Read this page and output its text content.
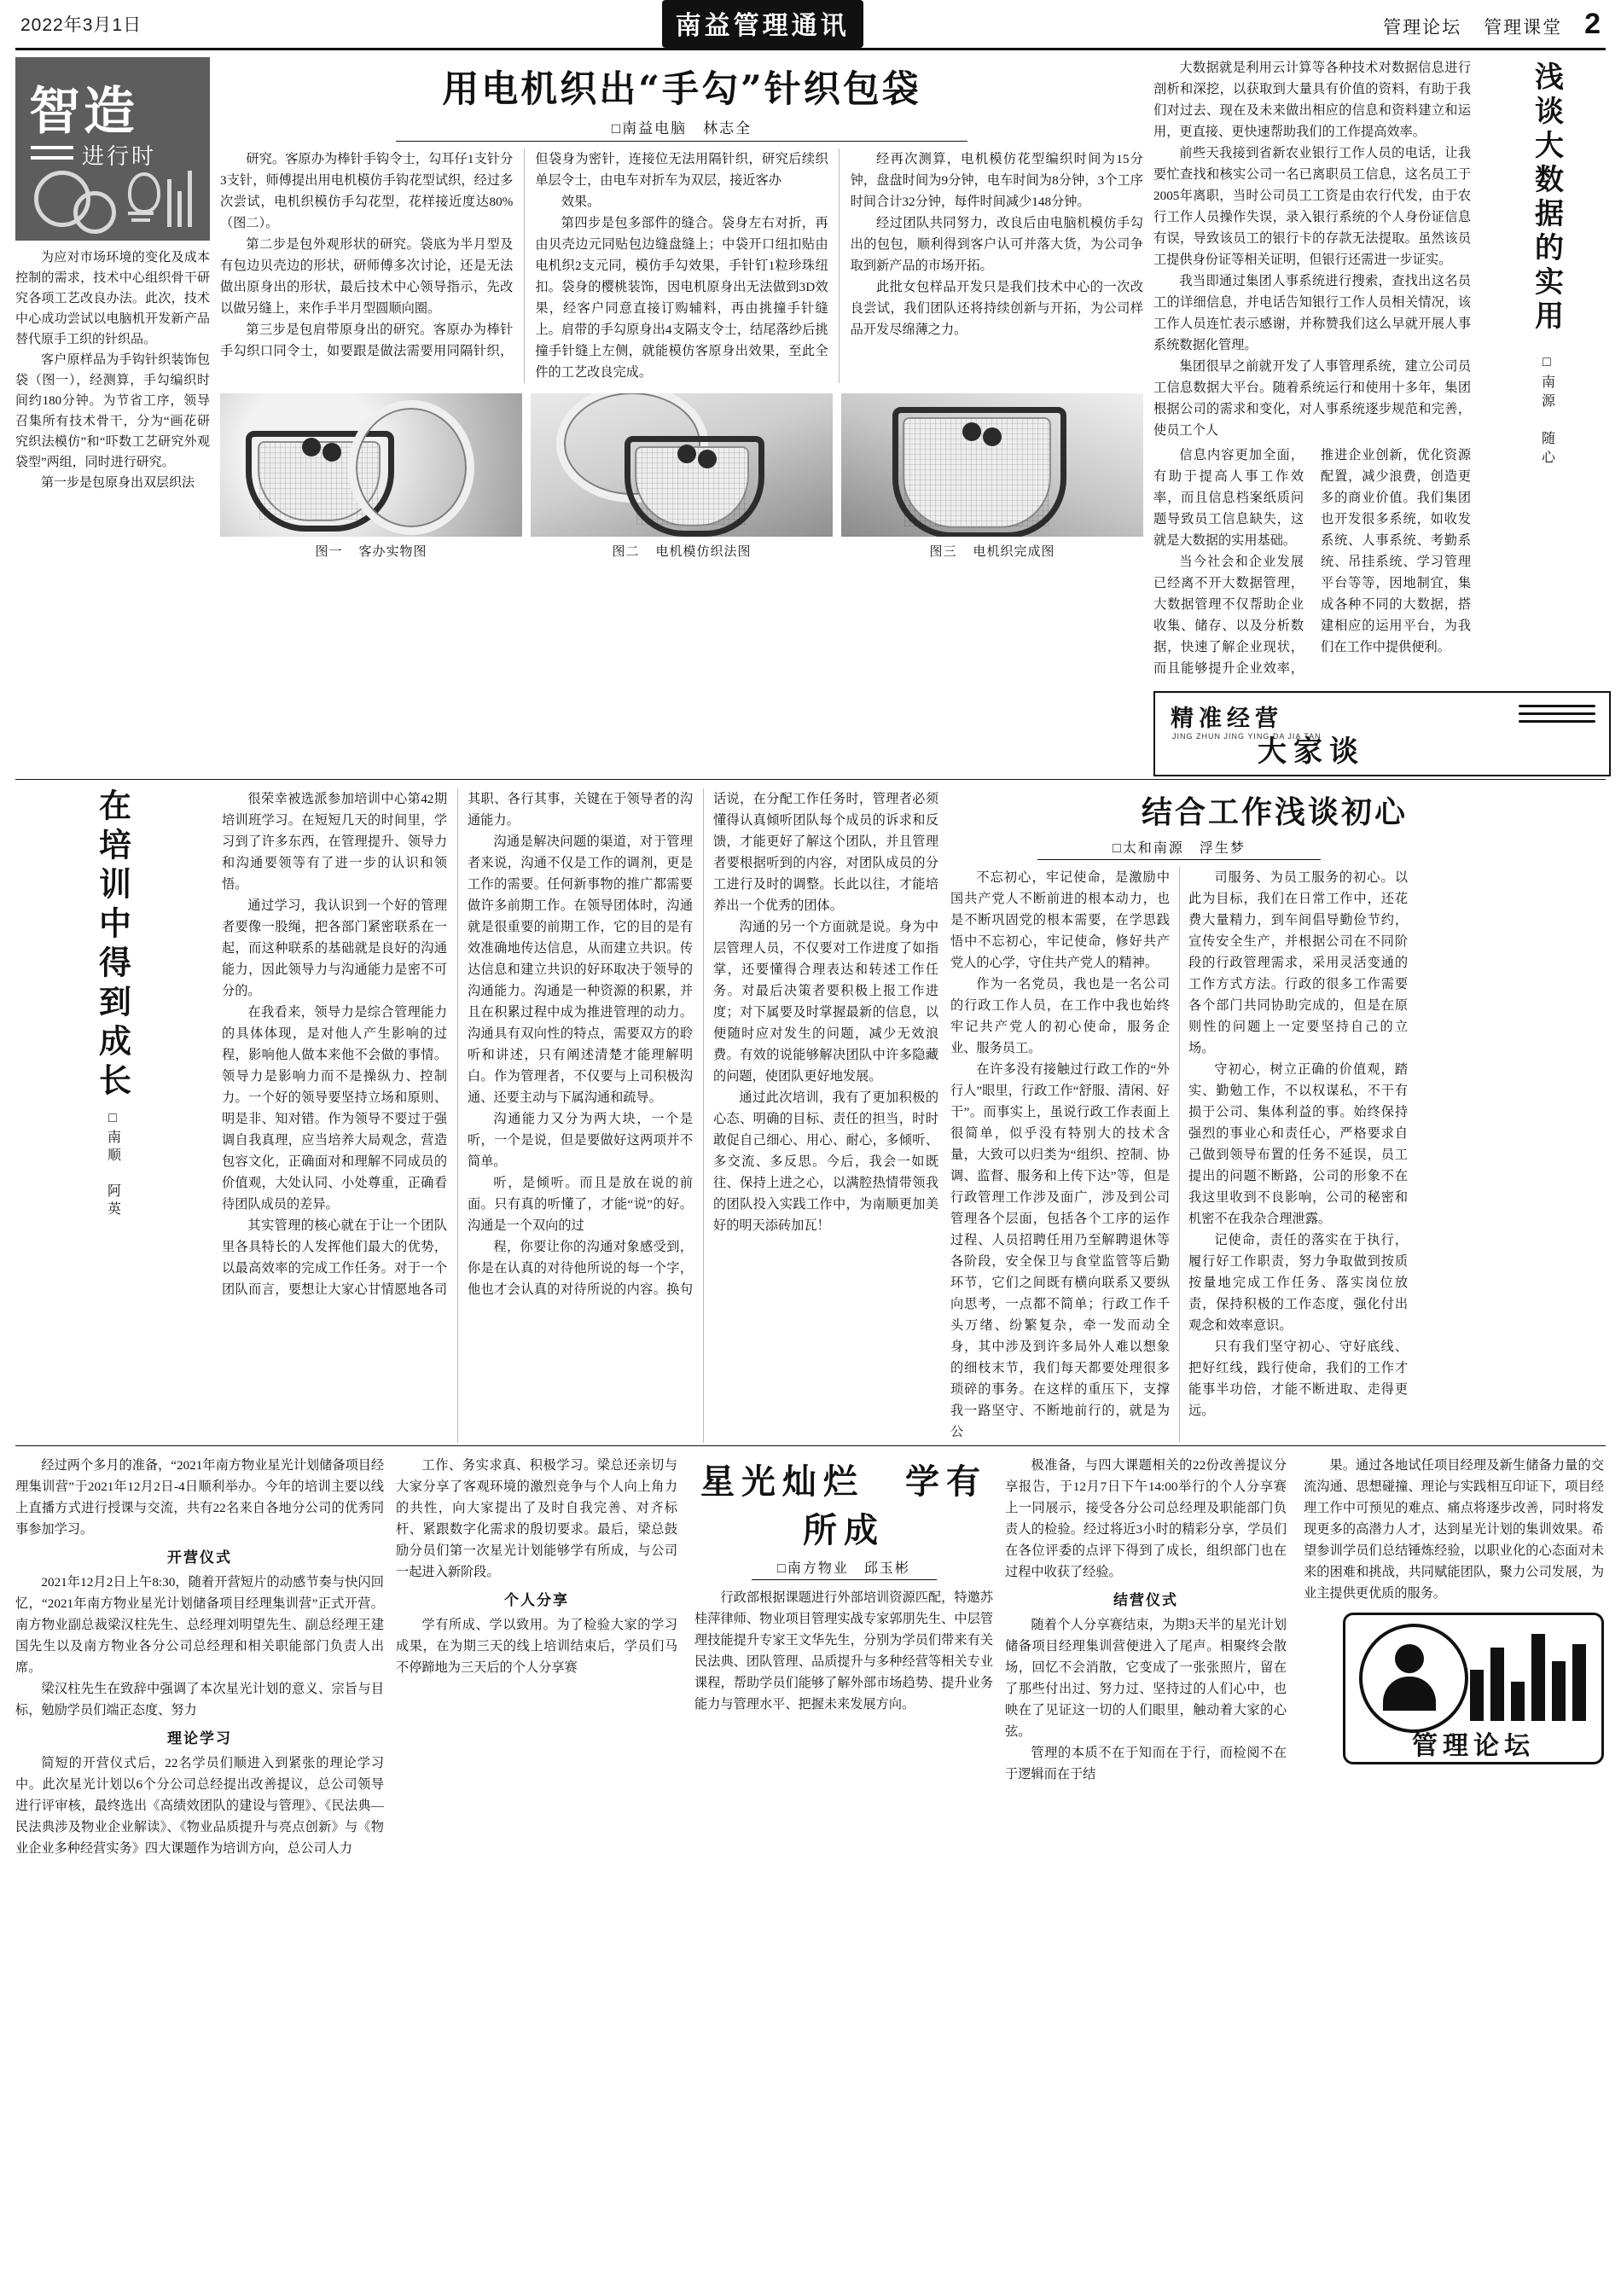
2022年3月1日	南益管理通讯	管理论坛 管理课堂 2
智造
进行时

为应对市场环境的变化及成本控制的需求，技术中心组织骨干研究各项工艺改良办法。此次，技术中心成功尝试以电脑机开发新产品替代原手工织的针织品。

客户原样品为手钩针织装饰包袋（图一），经测算，手勾编织时间约180分钟。为节省工序，领导召集所有技术骨干，分为“画花研究织法模仿”和“吓数工艺研究外观袋型”两组，同时进行研究。

第一步是包原身出双层织法

用电机织出“手勾”针织包袋
□南益电脑　林志全

研究。客原办为棒针手钩令士，勾耳仔1支针分3支针，师傅提出用电机模仿手钩花型试织，经过多次尝试，电机织模仿手勾花型，花样接近度达80%（图二）。

第二步是包外观形状的研究。袋底为半月型及有包边贝壳边的形状，研师傅多次讨论，还是无法做出原身出的形状，最后技术中心领导指示，先改以做另缝上，来作手半月型圆顺向圈。

第三步是包肩带原身出的研究。客原办为棒针手勾织口同令士，如要跟是做法需要用同隔针织，但袋身为密针，连接位无法用隔针织，研究后续织单层令士，由电车对折车为双层，接近客办

效果。

第四步是包多部件的缝合。袋身左右对折，再由贝壳边元同贴包边缝盘缝上；中袋开口纽扣贴由电机织2支元同，模仿手勾效果，手针钉1粒珍珠纽扣。袋身的樱桃装饰，因电机原身出无法做到3D效果，经客户同意直接订购辅料，再由挑撞手针缝上。肩带的手勾原身出4支隔支令士，结尾落纱后挑撞手针缝上左侧，就能模仿客原身出效果，至此全件的工艺改良完成。

经再次测算，电机模仿花型编织时间为15分钟，盘盘时间为9分钟，电车时间为8分钟，3个工序时间合计32分钟，每件时间减少148分钟。

经过团队共同努力，改良后由电脑机模仿手勾出的包包，顺利得到客户认可并落大货，为公司争取到新产品的市场开拓。

此批女包样品开发只是我们技术中心的一次改良尝试，我们团队还将持续创新与开拓，为公司样品开发尽绵薄之力。

图一 客办实物图	图二 电机模仿织法图	图三 电机织完成图
浅谈大数据的实用
□南源　随心

大数据就是利用云计算等各种技术对数据信息进行剖析和深挖，以获取到大量具有价值的资料，有助于我们对过去、现在及未来做出相应的信息和资料建立和运用，更直接、更快速帮助我们的工作提高效率。

前些天我接到省新农业银行工作人员的电话，让我要忙查找和核实公司一名已离职员工信息，这名员工于2005年离职，当时公司员工工资是由农行代发，由于农行工作人员操作失误，录入银行系统的个人身份证信息有误，导致该员工的银行卡的存款无法提取。虽然该员工提供身份证等相关证明，但银行还需进一步证实。

我当即通过集团人事系统进行搜索，查找出这名员工的详细信息，并电话告知银行工作人员相关情况，该工作人员连忙表示感谢，并称赞我们这么早就开展人事系统数据化管理。

集团很早之前就开发了人事管理系统，建立公司员工信息数据大平台。随着系统运行和使用十多年，集团根据公司的需求和变化，对人事系统逐步规范和完善，使员工个人

信息内容更加全面，有助于提高人事工作效率，而且信息档案纸质问题导致员工信息缺失，这就是大数据的实用基础。

当今社会和企业发展已经离不开大数据管理，大数据管理不仅帮助企业收集、储存、以及分析数据，快速了解企业现状，而且能够提升企业效率，推进企业创新，优化资源配置，减少浪费，创造更多的商业价值。我们集团也开发很多系统，如收发系统、人事系统、考勤系统、吊挂系统、学习管理平台等等，因地制宜，集成各种不同的大数据，搭建相应的运用平台，为我们在工作中提供便利。

精准经营
JING ZHUN JING YING DA JIA TAN
大家谈
在培训中得到成长
□南顺　阿英

很荣幸被选派参加培训中心第42期培训班学习。在短短几天的时间里，学习到了许多东西，在管理提升、领导力和沟通要领等有了进一步的认识和领悟。

通过学习，我认识到一个好的管理者要像一股绳，把各部门紧密联系在一起，而这种联系的基础就是良好的沟通能力，因此领导力与沟通能力是密不可分的。

在我看来，领导力是综合管理能力的具体体现，是对他人产生影响的过程，影响他人做本来他不会做的事情。领导力是影响力而不是操纵力、控制力。一个好的领导要坚持立场和原则、明是非、知对错。作为领导不要过于强调自我真理，应当培养大局观念，营造包容文化，正确面对和理解不同成员的价值观，大处认同、小处尊重，正确看待团队成员的差异。

其实管理的核心就在于让一个团队里各具特长的人发挥他们最大的优势，以最高效率的完成工作任务。对于一个团队而言，要想让大家心甘情愿地各司其职、各行其事，关键在于领导者的沟通能力。

沟通是解决问题的渠道，对于管理者来说，沟通不仅是工作的调剂，更是工作的需要。任何新事物的推广都需要做许多前期工作。在领导团体时，沟通就是很重要的前期工作，它的目的是有效准确地传达信息，从而建立共识。传达信息和建立共识的好环取决于领导的沟通能力。沟通是一种资源的积累，并且在积累过程中成为推进管理的动力。沟通具有双向性的特点，需要双方的聆听和讲述，只有阐述清楚才能理解明白。作为管理者，不仅要与上司积极沟通、还要主动与下属沟通和疏导。

沟通能力又分为两大块，一个是听，一个是说，但是要做好这两项并不简单。

听，是倾听。而且是放在说的前面。只有真的听懂了，才能“说”的好。沟通是一个双向的过

程，你要让你的沟通对象感受到，你是在认真的对待他所说的每一个字，他也才会认真的对待所说的内容。换句话说，在分配工作任务时，管理者必须懂得认真倾听团队每个成员的诉求和反馈，才能更好了解这个团队，并且管理者要根据听到的内容，对团队成员的分工进行及时的调整。长此以往，才能培养出一个优秀的团体。

沟通的另一个方面就是说。身为中层管理人员，不仅要对工作进度了如指掌，还要懂得合理表达和转述工作任务。对最后决策者要积极上报工作进度；对下属要及时掌握最新的信息，以便随时应对发生的问题，减少无效浪费。有效的说能够解决团队中许多隐藏的问题，使团队更好地发展。

通过此次培训，我有了更加积极的心态、明确的目标、责任的担当，时时敢促自己细心、用心、耐心，多倾听、多交流、多反思。今后，我会一如既往、保持上进之心，以满腔热情带领我的团队投入实践工作中，为南顺更加美好的明天添砖加瓦！

结合工作浅谈初心
□太和南源　浮生梦

不忘初心，牢记使命，是激励中国共产党人不断前进的根本动力，也是不断巩固党的根本需要，在学思践悟中不忘初心，牢记使命，修好共产党人的心学，守住共产党人的精神。

作为一名党员，我也是一名公司的行政工作人员，在工作中我也始终牢记共产党人的初心使命，服务企业、服务员工。

在许多没有接触过行政工作的“外行人”眼里，行政工作“舒服、清闲、好干”。而事实上，虽说行政工作表面上很简单，似乎没有特别大的技术含量，大致可以归类为“组织、控制、协调、监督、服务和上传下达”等，但是行政管理工作涉及面广，涉及到公司管理各个层面，包括各个工序的运作过程、人员招聘任用乃至解聘退休等各阶段，安全保卫与食堂监管等后勤环节，它们之间既有横向联系又要纵向思考，一点都不简单；行政工作千头万绪、纷繁复杂，牵一发而动全身，其中涉及到许多局外人难以想象的细枝末节，我们每天都要处理很多琐碎的事务。在这样的重压下，支撑我一路坚守、不断地前行的，就是为公

司服务、为员工服务的初心。以此为目标，我们在日常工作中，还花费大量精力，到车间倡导勤俭节约，宣传安全生产，并根据公司在不同阶段的行政管理需求，采用灵活变通的工作方式方法。行政的很多工作需要各个部门共同协助完成的，但是在原则性的问题上一定要坚持自己的立场。

守初心，树立正确的价值观，踏实、勤勉工作，不以权谋私，不干有损于公司、集体利益的事。始终保持强烈的事业心和责任心，严格要求自己做到领导布置的任务不延误，员工提出的问题不断路，公司的形象不在我这里收到不良影响，公司的秘密和机密不在我杂合理泄露。

记使命，责任的落实在于执行，履行好工作职责，努力争取做到按质按量地完成工作任务、落实岗位放责，保持积极的工作态度，强化付出观念和效率意识。

只有我们坚守初心、守好底线、把好红线，践行使命，我们的工作才能事半功倍，才能不断进取、走得更远。

经过两个多月的准备，“2021年南方物业星光计划储备项目经理集训营”于2021年12月2日-4日顺利举办。今年的培训主要以线上直播方式进行授课与交流，共有22名来自各地分公司的优秀同事参加学习。

开营仪式

2021年12月2日上午8:30，随着开营短片的动感节奏与快闪回忆，“2021年南方物业星光计划储备项目经理集训营”正式开营。南方物业副总裁梁汉柱先生、总经理刘明望先生、副总经理王建国先生以及南方物业各分公司总经理和相关职能部门负责人出席。

梁汉柱先生在致辞中强调了本次星光计划的意义、宗旨与目标，勉励学员们端正态度、努力

理论学习

简短的开营仪式后，22名学员们顺进入到紧张的理论学习中。此次星光计划以6个分公司总经提出改善提议，总公司领导进行评审核，最终选出《高绩效团队的建设与管理》、《民法典—民法典涉及物业企业解读》、《物业品质提升与亮点创新》与《物业企业多种经营实务》四大课题作为培训方向，总公司人力

工作、务实求真、积极学习。梁总还亲切与大家分享了客观环境的激烈竞争与个人向上角力的共性，向大家提出了及时自我完善、对齐标杆、紧跟数字化需求的殷切要求。最后，梁总鼓励分员们第一次星光计划能够学有所成，与公司一起进入新阶段。

个人分享

学有所成、学以致用。为了检验大家的学习成果，在为期三天的线上培训结束后，学员们马不停蹄地为三天后的个人分享赛

星光灿烂　学有所成
□南方物业　邱玉彬

行政部根据课题进行外部培训资源匹配，特邀苏桂萍律师、物业项目管理实战专家郭朋先生、中层管理技能提升专家王文华先生，分别为学员们带来有关民法典、团队管理、品质提升与多种经营等相关专业课程，帮助学员们能够了解外部市场趋势、提升业务能力与管理水平、把握未来发展方向。

极准备，与四大课题相关的22份改善提议分享报告，于12月7日下午14:00举行的个人分享赛上一同展示，接受各分公司总经理及职能部门负责人的检验。经过将近3小时的精彩分享，学员们在各位评委的点评下得到了成长，组织部门也在过程中收获了经验。

结营仪式

随着个人分享赛结束，为期3天半的星光计划储备项目经理集训营便进入了尾声。相聚终会散场，回忆不会消散，它变成了一张张照片，留在了那些付出过、努力过、坚持过的人们心中，也映在了见证这一切的人们眼里，触动着大家的心弦。

管理的本质不在于知而在于行，而检阅不在于逻辑而在于结

果。通过各地试任项目经理及新生储备力量的交流沟通、思想碰撞、理论与实践相互印证下，项目经理工作中可预见的难点、痛点将逐步改善，同时将发现更多的高潜力人才，达到星光计划的集训效果。希望参训学员们总结锤炼经验，以职业化的心态面对未来的困难和挑战，共同赋能团队，聚力公司发展，为业主提供更优质的服务。

管理论坛
